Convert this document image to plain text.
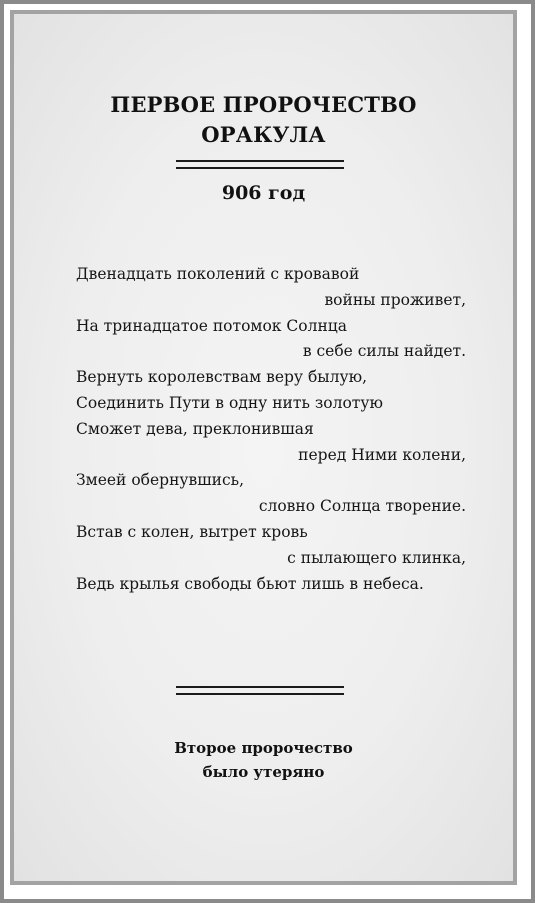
ПЕРВОЕ ПРОРОЧЕСТВО
ОРАКУЛА
906 год
Двенадцать поколений с кровавой
войны проживет,
На тринадцатое потомок Солнца
в себе силы найдет.
Вернуть королевствам веру былую,
Соединить Пути в одну нить золотую
Сможет дева, преклонившая
перед Ними колени,
Змеей обернувшись,
словно Солнца творение.
Встав с колен, вытрет кровь
с пылающего клинка,
Ведь крылья свободы бьют лишь в небеса.
Второе пророчество
было утеряно
